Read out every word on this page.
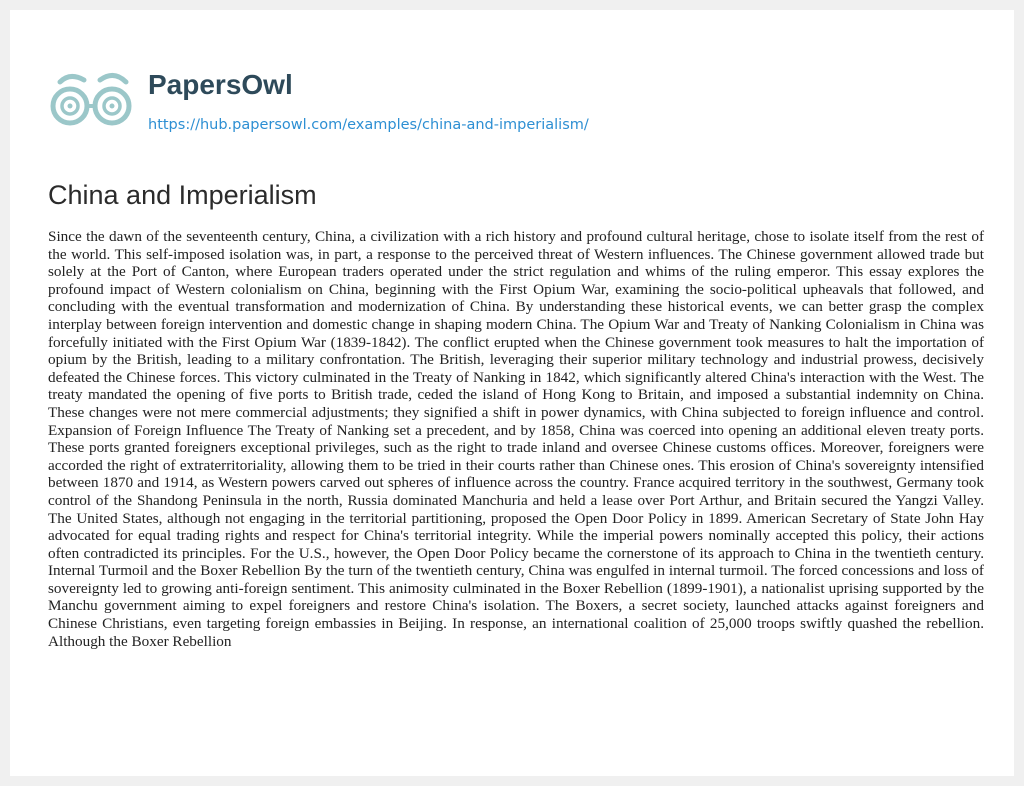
PapersOwl
https://hub.papersowl.com/examples/china-and-imperialism/
China and Imperialism

Since the dawn of the seventeenth century, China, a civilization with a rich history and profound cultural heritage, chose to isolate itself from the rest of the world. This self-imposed isolation was, in part, a response to the perceived threat of Western influences. The Chinese government allowed trade but solely at the Port of Canton, where European traders operated under the strict regulation and whims of the ruling emperor. This essay explores the profound impact of Western colonialism on China, beginning with the First Opium War, examining the socio-political upheavals that followed, and concluding with the eventual transformation and modernization of China. By understanding these historical events, we can better grasp the complex interplay between foreign intervention and domestic change in shaping modern China. The Opium War and Treaty of Nanking Colonialism in China was forcefully initiated with the First Opium War (1839-1842). The conflict erupted when the Chinese government took measures to halt the importation of opium by the British, leading to a military confrontation. The British, leveraging their superior military technology and industrial prowess, decisively defeated the Chinese forces. This victory culminated in the Treaty of Nanking in 1842, which significantly altered China's interaction with the West. The treaty mandated the opening of five ports to British trade, ceded the island of Hong Kong to Britain, and imposed a substantial indemnity on China. These changes were not mere commercial adjustments; they signified a shift in power dynamics, with China subjected to foreign influence and control. Expansion of Foreign Influence The Treaty of Nanking set a precedent, and by 1858, China was coerced into opening an additional eleven treaty ports. These ports granted foreigners exceptional privileges, such as the right to trade inland and oversee Chinese customs offices. Moreover, foreigners were accorded the right of extraterritoriality, allowing them to be tried in their courts rather than Chinese ones. This erosion of China's sovereignty intensified between 1870 and 1914, as Western powers carved out spheres of influence across the country. France acquired territory in the southwest, Germany took control of the Shandong Peninsula in the north, Russia dominated Manchuria and held a lease over Port Arthur, and Britain secured the Yangzi Valley. The United States, although not engaging in the territorial partitioning, proposed the Open Door Policy in 1899. American Secretary of State John Hay advocated for equal trading rights and respect for China's territorial integrity. While the imperial powers nominally accepted this policy, their actions often contradicted its principles. For the U.S., however, the Open Door Policy became the cornerstone of its approach to China in the twentieth century. Internal Turmoil and the Boxer Rebellion By the turn of the twentieth century, China was engulfed in internal turmoil. The forced concessions and loss of sovereignty led to growing anti-foreign sentiment. This animosity culminated in the Boxer Rebellion (1899-1901), a nationalist uprising supported by the Manchu government aiming to expel foreigners and restore China's isolation. The Boxers, a secret society, launched attacks against foreigners and Chinese Christians, even targeting foreign embassies in Beijing. In response, an international coalition of 25,000 troops swiftly quashed the rebellion. Although the Boxer Rebellion
